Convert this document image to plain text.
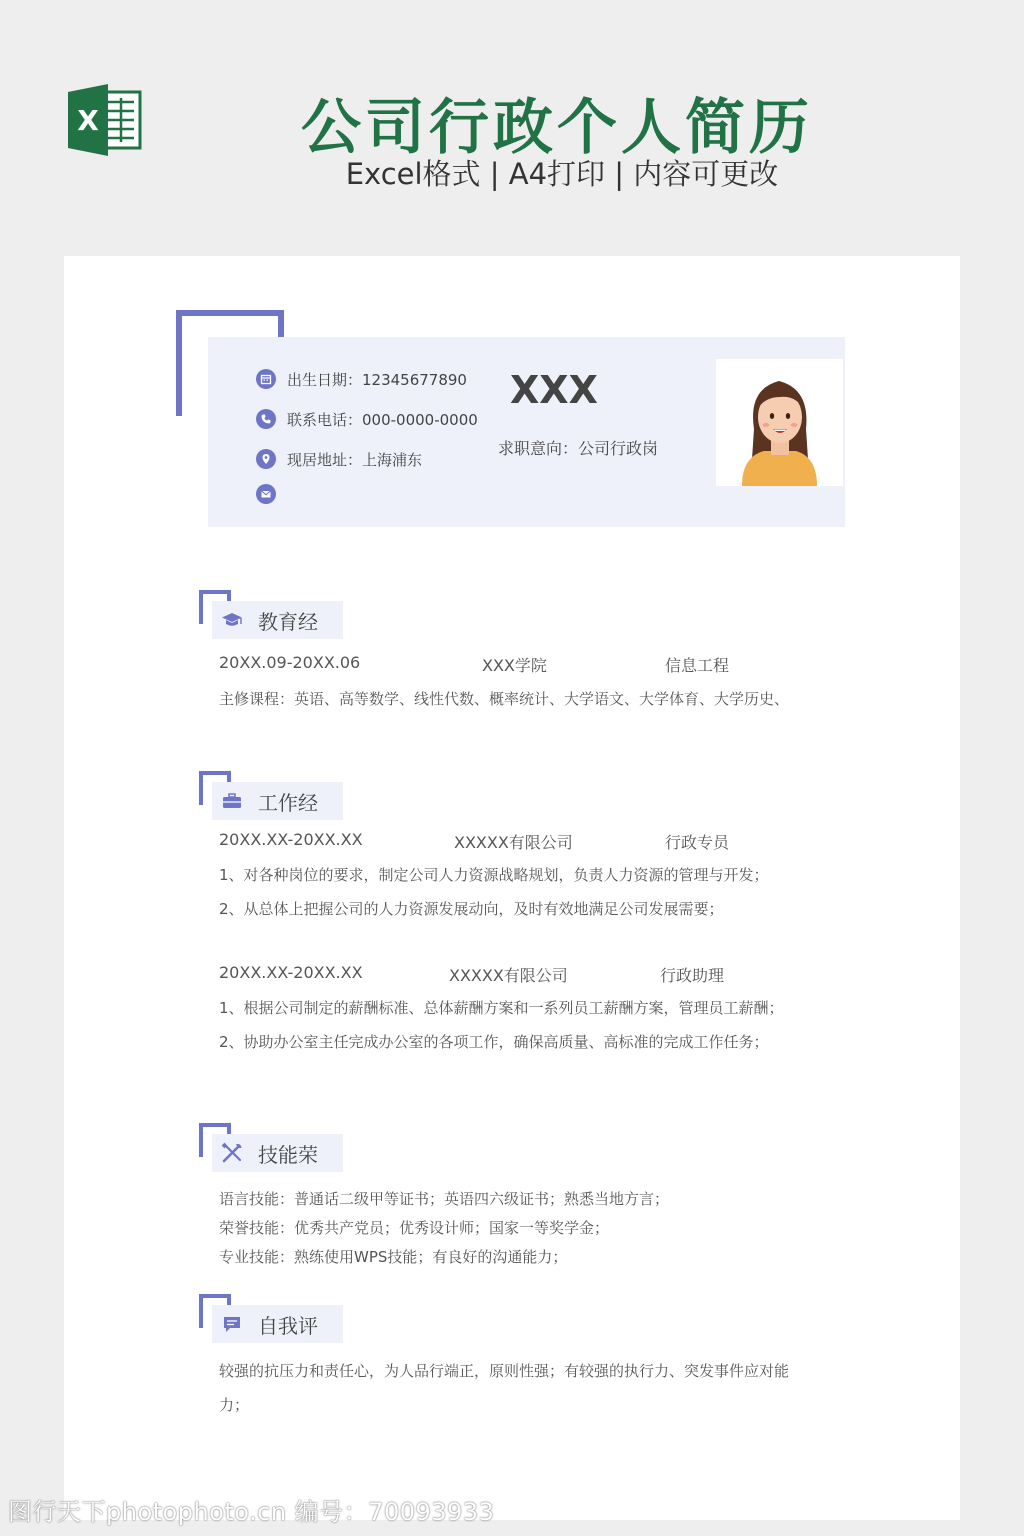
X	公司行政个人简历
Excel格式 | A4打印 | 内容可更改
出生日期：12345677890
联系电话：000-0000-0000
现居地址：上海浦东
XXX
求职意向：公司行政岗
教育经
20XX.09-20XX.06	XXX学院	信息工程
主修课程：英语、高等数学、线性代数、概率统计、大学语文、大学体育、大学历史、
工作经
20XX.XX-20XX.XX	XXXXX有限公司	行政专员
1、对各种岗位的要求，制定公司人力资源战略规划，负责人力资源的管理与开发；
2、从总体上把握公司的人力资源发展动向，及时有效地满足公司发展需要；
20XX.XX-20XX.XX	XXXXX有限公司	行政助理
1、根据公司制定的薪酬标准、总体薪酬方案和一系列员工薪酬方案，管理员工薪酬；
2、协助办公室主任完成办公室的各项工作，确保高质量、高标准的完成工作任务；
技能荣
语言技能：普通话二级甲等证书；英语四六级证书；熟悉当地方言；
荣誉技能：优秀共产党员；优秀设计师；国家一等奖学金；
专业技能：熟练使用WPS技能；有良好的沟通能力；
自我评
较强的抗压力和责任心，为人品行端正，原则性强；有较强的执行力、突发事件应对能
力；
图行天下photophoto.cn 编号：70093933
